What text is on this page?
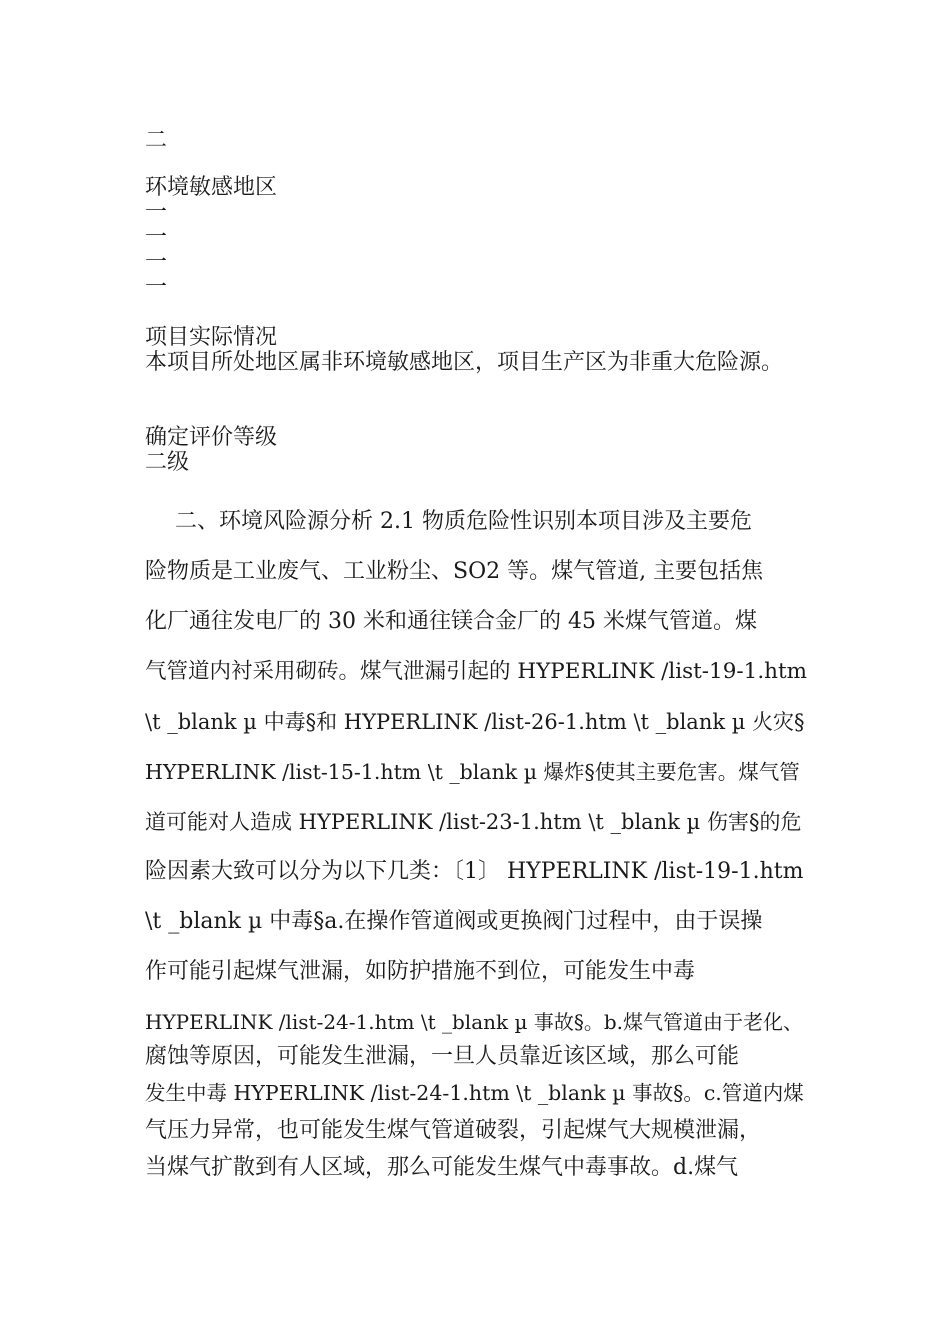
二
环境敏感地区
一
一
一
一
项目实际情况
本项目所处地区属非环境敏感地区，项目生产区为非重大危险源。
确定评价等级
二级
二、环境风险源分析 2.1 物质危险性识别本项目涉及主要危
险物质是工业废气、工业粉尘、SO2 等。煤气管道, 主要包括焦
化厂通往发电厂的 30 米和通往镁合金厂的 45 米煤气管道。煤
气管道内衬采用砌砖。煤气泄漏引起的 HYPERLINK /list-19-1.htm
\t _blank µ 中毒§和 HYPERLINK /list-26-1.htm \t _blank µ 火灾§
HYPERLINK /list-15-1.htm \t _blank µ 爆炸§使其主要危害。煤气管
道可能对人造成 HYPERLINK /list-23-1.htm \t _blank µ 伤害§的危
险因素大致可以分为以下几类：〔1〕 HYPERLINK /list-19-1.htm
\t _blank µ 中毒§a.在操作管道阀或更换阀门过程中，由于误操
作可能引起煤气泄漏，如防护措施不到位，可能发生中毒
HYPERLINK /list-24-1.htm \t _blank µ 事故§。b.煤气管道由于老化、
腐蚀等原因，可能发生泄漏，一旦人员靠近该区域，那么可能
发生中毒 HYPERLINK /list-24-1.htm \t _blank µ 事故§。c.管道内煤
气压力异常，也可能发生煤气管道破裂，引起煤气大规模泄漏，
当煤气扩散到有人区域，那么可能发生煤气中毒事故。d.煤气
